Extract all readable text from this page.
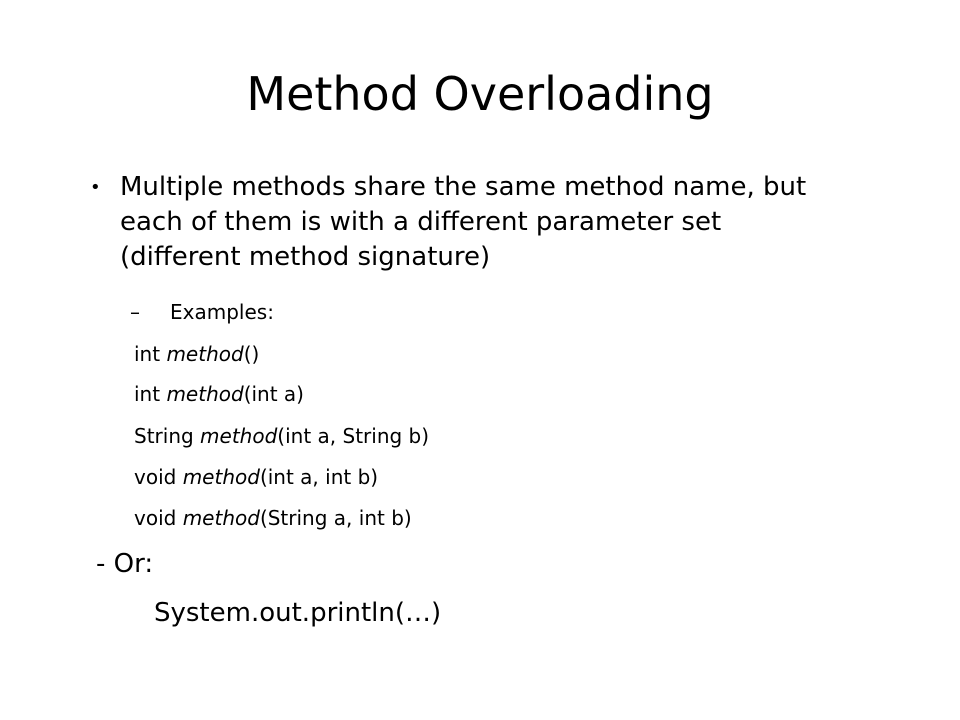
Method Overloading
• Multiple methods share the same method name, but each of them is with a different parameter set (different method signature)
– Examples:
int method()
int method(int a)
String method(int a, String b)
void method(int a, int b)
void method(String a, int b)
- Or:
System.out.println(…)
